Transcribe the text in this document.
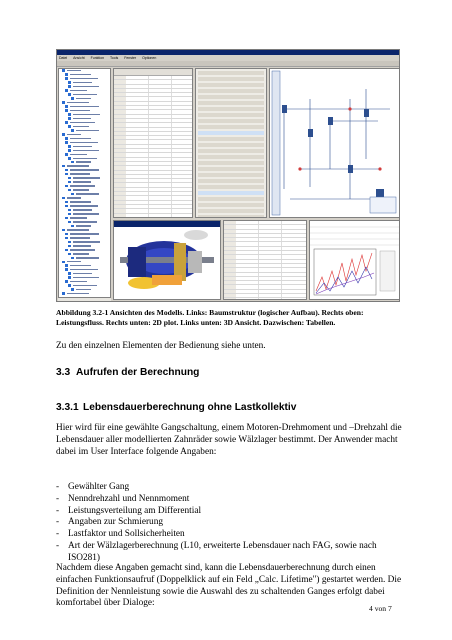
Datei Ansicht Funktion Tools Fenster Optionen
Abbildung 3.2-1 Ansichten des Modells. Links: Baumstruktur (logischer Aufbau). Rechts oben: Leistungsfluss. Rechts unten: 2D plot. Links unten: 3D Ansicht. Dazwischen: Tabellen.

Zu den einzelnen Elementen der Bedienung siehe unten.

3.3 Aufrufen der Berechnung
3.3.1 Lebensdauerberechnung ohne Lastkollektiv

Hier wird für eine gewählte Gangschaltung, einem Motoren-Drehmoment und –Drehzahl die Lebensdauer aller modellierten Zahnräder sowie Wälzlager bestimmt. Der Anwender macht dabei im User Interface folgende Angaben:

- Gewählter Gang
- Nenndrehzahl und Nennmoment
- Leistungsverteilung am Differential
- Angaben zur Schmierung
- Lastfaktor und Sollsicherheiten
- Art der Wälzlagerberechnung (L10, erweiterte Lebensdauer nach FAG, sowie nach ISO281)

Nachdem diese Angaben gemacht sind, kann die Lebensdauerberechnung durch einen einfachen Funktionsaufruf (Doppelklick auf ein Feld „Calc. Lifetime") gestartet werden. Die Definition der Nennleistung sowie die Auswahl des zu schaltenden Ganges erfolgt dabei komfortabel über Dialoge:

4 von 7
